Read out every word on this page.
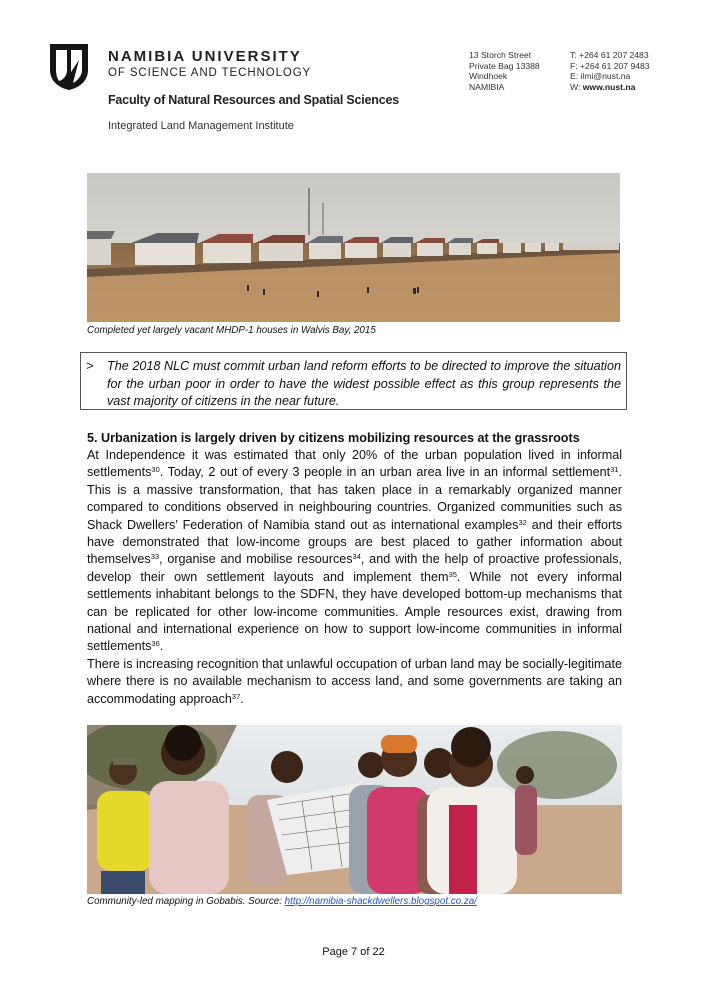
NAMIBIA UNIVERSITY
OF SCIENCE AND TECHNOLOGY
Faculty of Natural Resources and Spatial Sciences
Integrated Land Management Institute
13 Storch Street
Private Bag 13388
Windhoek
NAMIBIA
T: +264 61 207 2483
F: +264 61 207 9483
E: ilmi@nust.na
W: www.nust.na
Completed yet largely vacant MHDP-1 houses in Walvis Bay, 2015
> The 2018 NLC must commit urban land reform efforts to be directed to improve the situation for the urban poor in order to have the widest possible effect as this group represents the vast majority of citizens in the near future.
5. Urbanization is largely driven by citizens mobilizing resources at the grassroots

At Independence it was estimated that only 20% of the urban population lived in informal settlements$^{30}$. Today, 2 out of every 3 people in an urban area live in an informal settlement$^{31}$. This is a massive transformation, that has taken place in a remarkably organized manner compared to conditions observed in neighbouring countries. Organized communities such as Shack Dwellers’ Federation of Namibia stand out as international examples$^{32}$ and their efforts have demonstrated that low-income groups are best placed to gather information about themselves$^{33}$, organise and mobilise resources$^{34}$, and with the help of proactive professionals, develop their own settlement layouts and implement them$^{35}$. While not every informal settlements inhabitant belongs to the SDFN, they have developed bottom-up mechanisms that can be replicated for other low-income communities. Ample resources exist, drawing from national and international experience on how to support low-income communities in informal settlements$^{36}$.

There is increasing recognition that unlawful occupation of urban land may be socially-legitimate where there is no available mechanism to access land, and some governments are taking an accommodating approach$^{37}$.

Community-led mapping in Gobabis. Source: http://namibia-shackdwellers.blogspot.co.za/
Page 7 of 22
